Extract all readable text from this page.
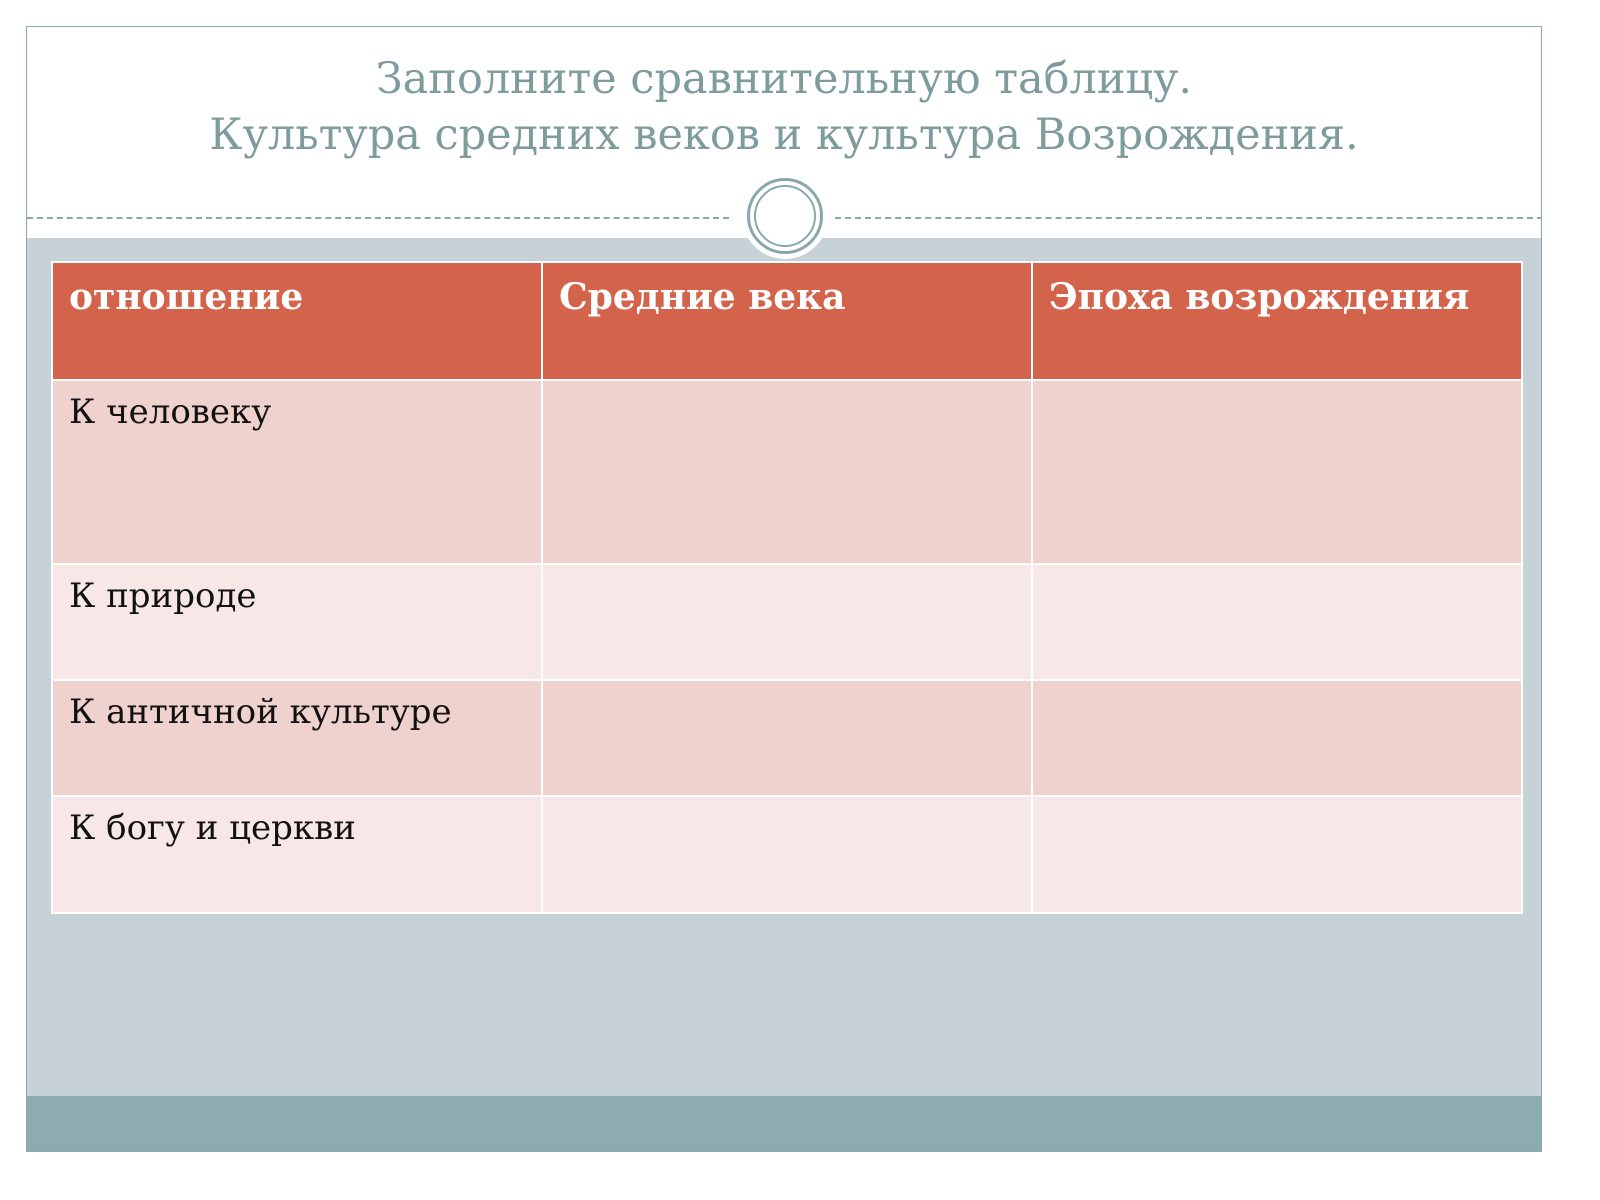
Заполните сравнительную таблицу.
Культура средних веков и культура Возрождения.
отношение	Средние века	Эпоха возрождения
К человеку		
К природе		
К античной культуре		
К богу и церкви		
